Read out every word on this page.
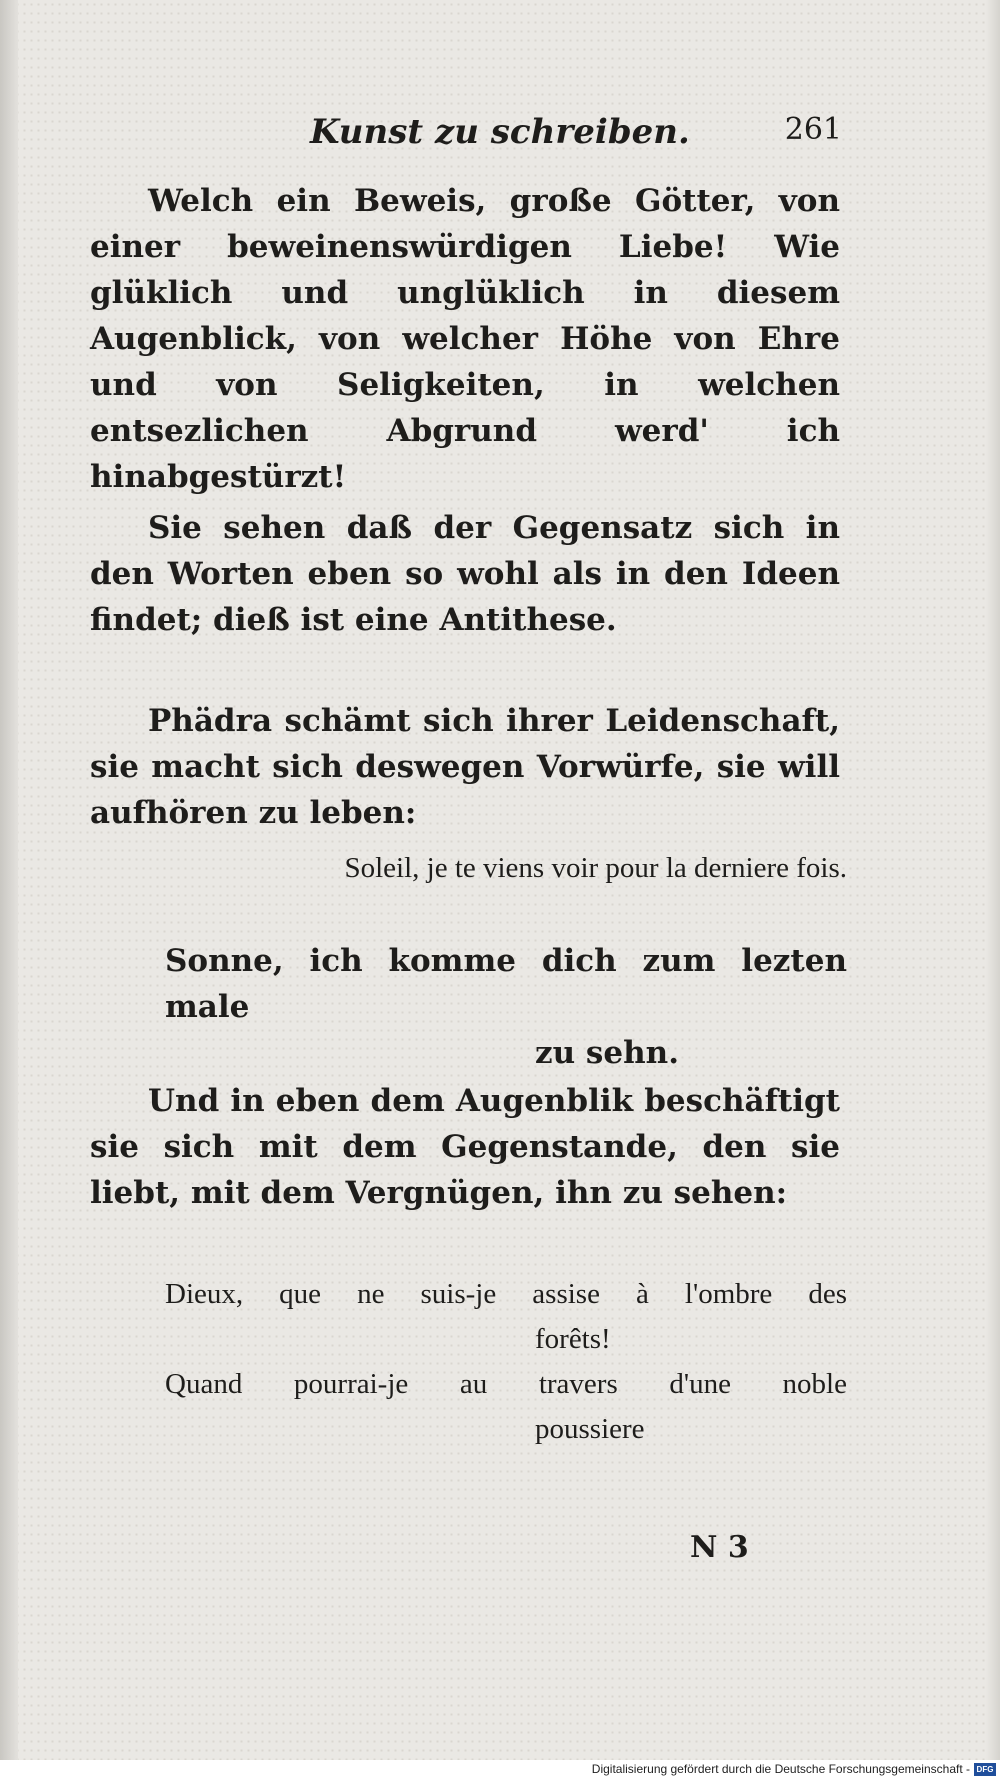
Kunst zu schreiben.	261

Welch ein Beweis, große Götter, von einer beweinenswürdigen Liebe! Wie glüklich und unglüklich in diesem Augenblick, von welcher Höhe von Ehre und von Seligkeiten, in welchen entsezlichen Abgrund werd' ich hinabgestürzt!

Sie sehen daß der Gegensatz sich in den Worten eben so wohl als in den Ideen findet; dieß ist eine Antithese.

Phädra schämt sich ihrer Leidenschaft, sie macht sich deswegen Vorwürfe, sie will aufhören zu leben:

Soleil, je te viens voir pour la derniere fois.

Sonne, ich komme dich zum lezten male
zu sehn.

Und in eben dem Augenblik beschäftigt sie sich mit dem Gegenstande, den sie liebt, mit dem Vergnügen, ihn zu sehen:

Dieux, que ne suis-je assise à l'ombre des
forêts!
Quand pourrai-je au travers d'une noble
poussiere
N 3
Digitalisierung gefördert durch die Deutsche Forschungsgemeinschaft - DFG
